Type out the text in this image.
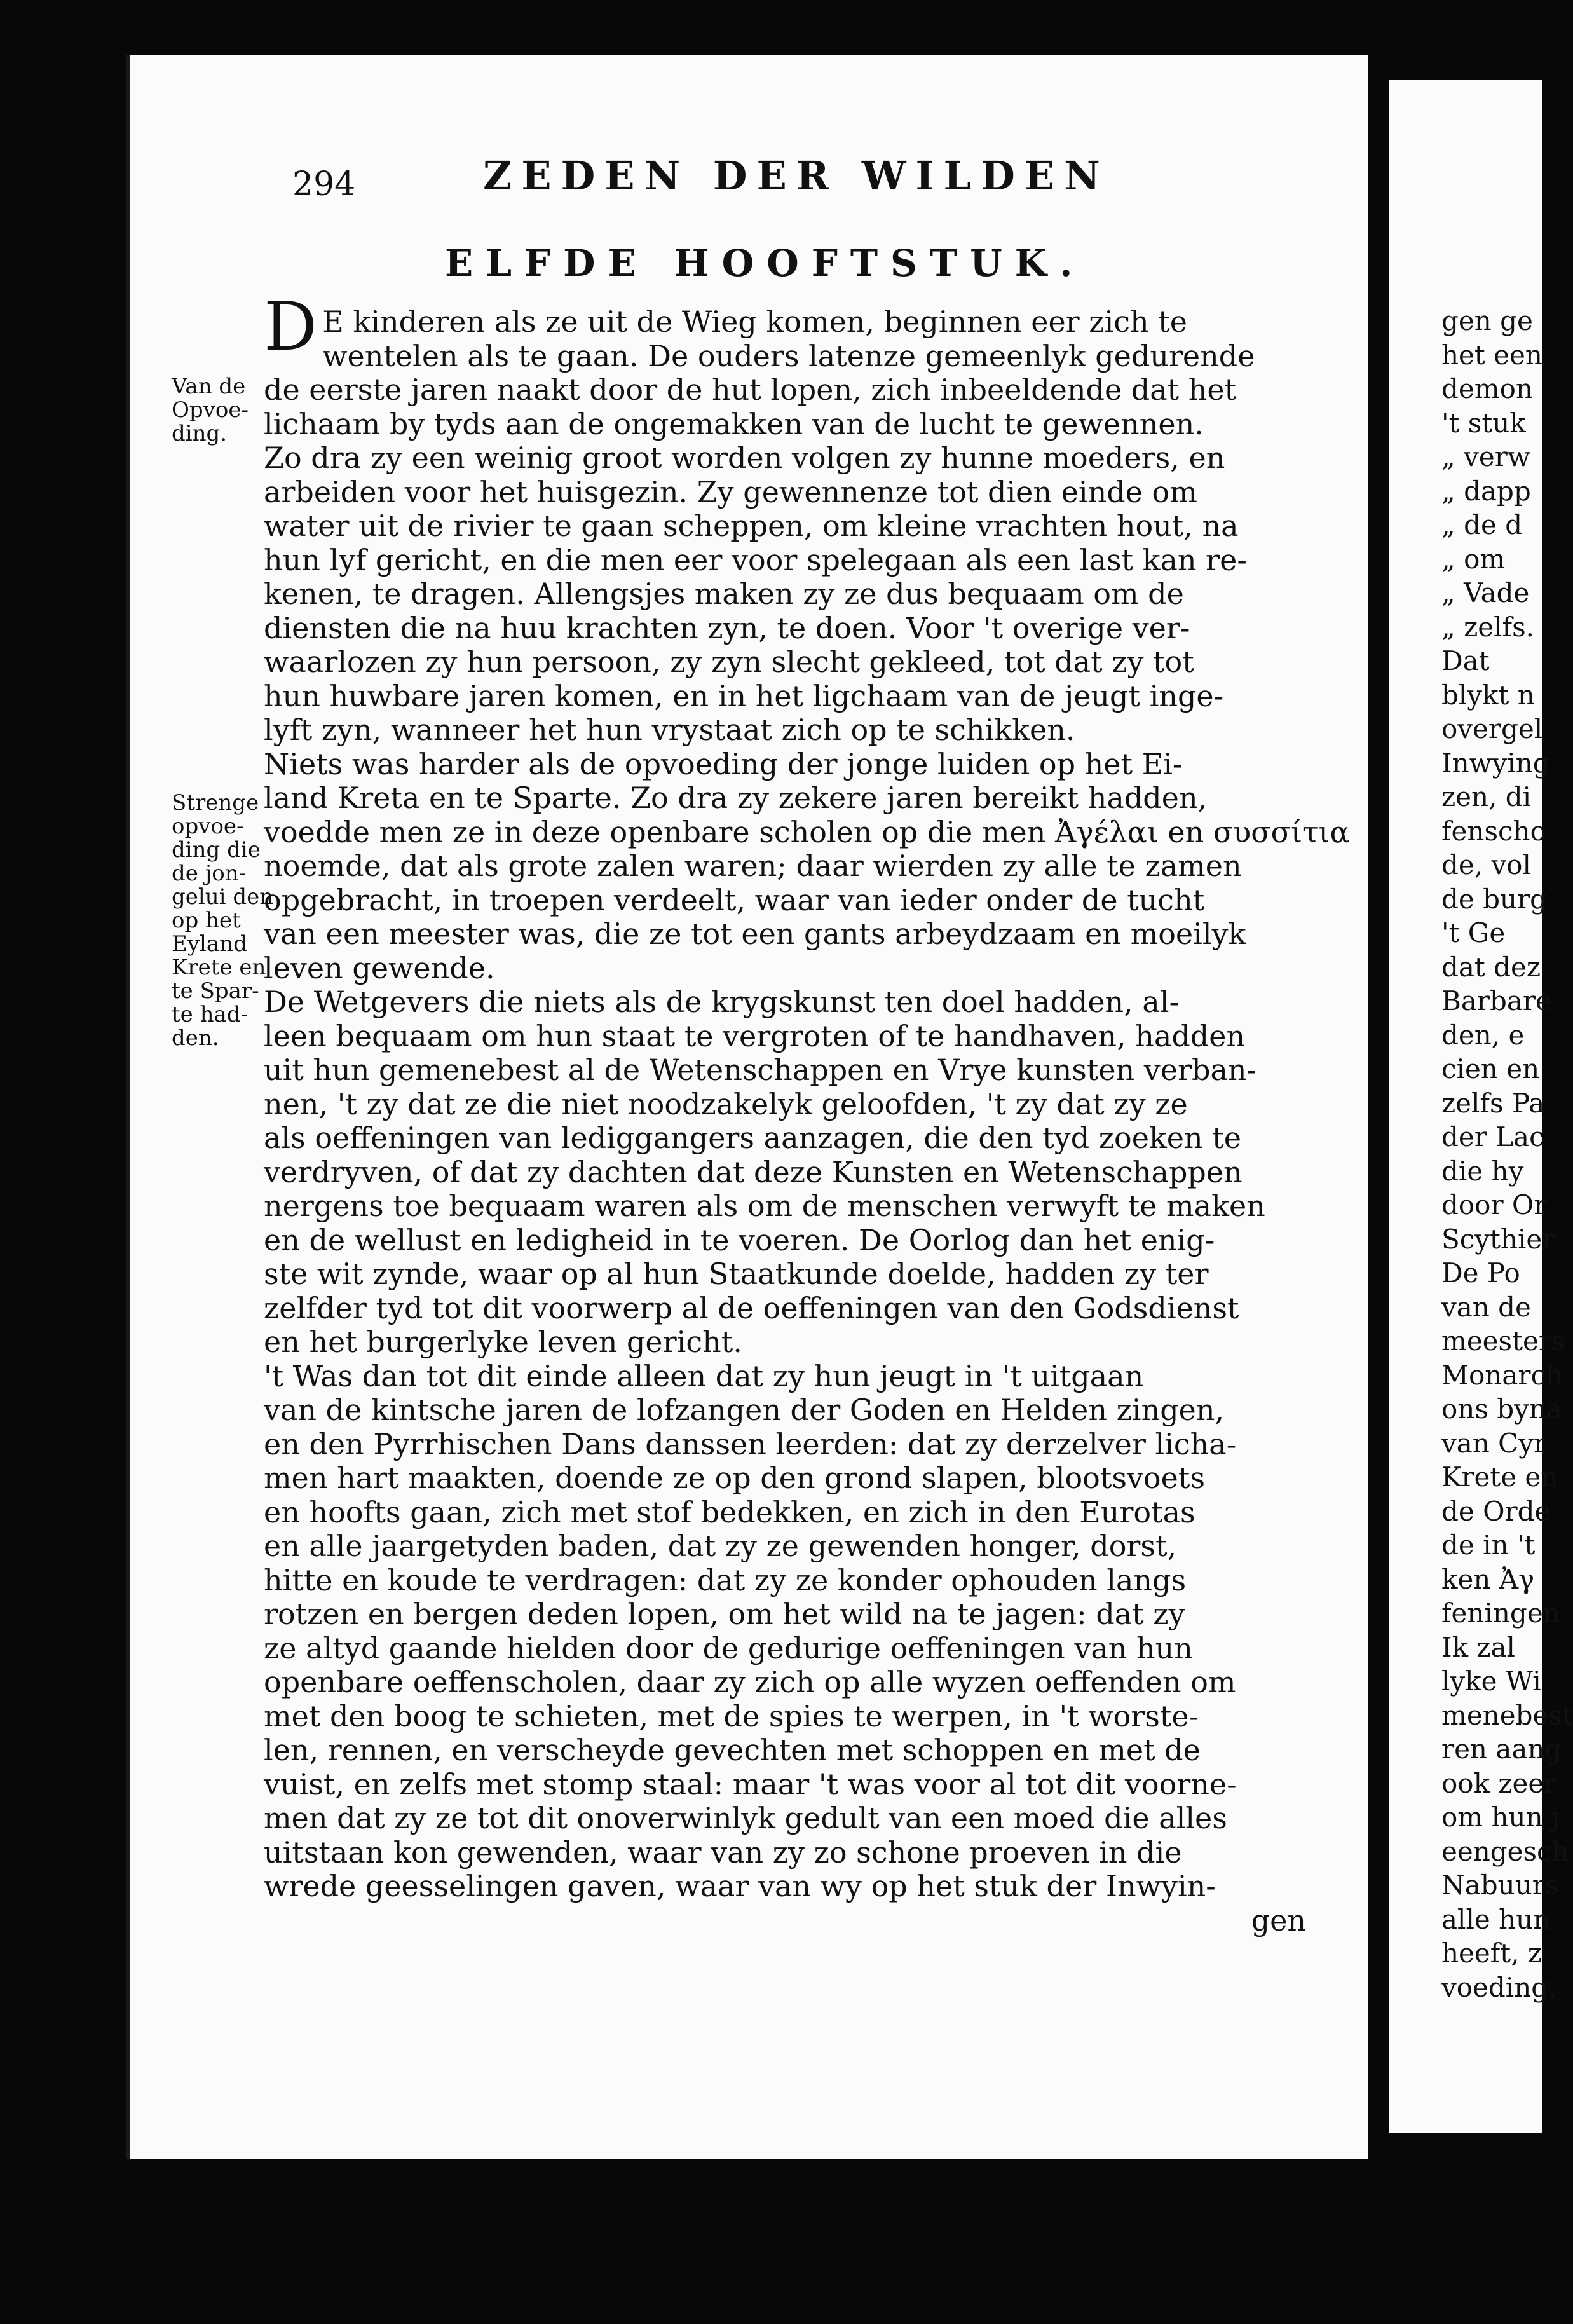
294	ZEDEN DER WILDEN
ELFDE HOOFTSTUK.
Van de
Opvoe-
ding.
Strenge
opvoe-
ding die
de jon-
gelui den
op het
Eyland
Krete en
te Spar-
te had-
den.
D E kinderen als ze uit de Wieg komen, beginnen eer zich te
wentelen als te gaan. De ouders latenze gemeenlyk gedurende
de eerste jaren naakt door de hut lopen, zich inbeeldende dat het
lichaam by tyds aan de ongemakken van de lucht te gewennen.
Zo dra zy een weinig groot worden volgen zy hunne moeders, en
arbeiden voor het huisgezin. Zy gewennenze tot dien einde om
water uit de rivier te gaan scheppen, om kleine vrachten hout, na
hun lyf gericht, en die men eer voor spelegaan als een last kan re-
kenen, te dragen. Allengsjes maken zy ze dus bequaam om de
diensten die na huu krachten zyn, te doen. Voor 't overige ver-
waarlozen zy hun persoon, zy zyn slecht gekleed, tot dat zy tot
hun huwbare jaren komen, en in het ligchaam van de jeugt inge-
lyft zyn, wanneer het hun vrystaat zich op te schikken.
Niets was harder als de opvoeding der jonge luiden op het Ei-
land Kreta en te Sparte. Zo dra zy zekere jaren bereikt hadden,
voedde men ze in deze openbare scholen op die men Ἀγέλαι en συσσίτια
noemde, dat als grote zalen waren; daar wierden zy alle te zamen
opgebracht, in troepen verdeelt, waar van ieder onder de tucht
van een meester was, die ze tot een gants arbeydzaam en moeilyk
leven gewende.
De Wetgevers die niets als de krygskunst ten doel hadden, al-
leen bequaam om hun staat te vergroten of te handhaven, hadden
uit hun gemenebest al de Wetenschappen en Vrye kunsten verban-
nen, 't zy dat ze die niet noodzakelyk geloofden, 't zy dat zy ze
als oeffeningen van lediggangers aanzagen, die den tyd zoeken te
verdryven, of dat zy dachten dat deze Kunsten en Wetenschappen
nergens toe bequaam waren als om de menschen verwyft te maken
en de wellust en ledigheid in te voeren. De Oorlog dan het enig-
ste wit zynde, waar op al hun Staatkunde doelde, hadden zy ter
zelfder tyd tot dit voorwerp al de oeffeningen van den Godsdienst
en het burgerlyke leven gericht.
't Was dan tot dit einde alleen dat zy hun jeugt in 't uitgaan
van de kintsche jaren de lofzangen der Goden en Helden zingen,
en den Pyrrhischen Dans danssen leerden: dat zy derzelver licha-
men hart maakten, doende ze op den grond slapen, blootsvoets
en hoofts gaan, zich met stof bedekken, en zich in den Eurotas
en alle jaargetyden baden, dat zy ze gewenden honger, dorst,
hitte en koude te verdragen: dat zy ze konder ophouden langs
rotzen en bergen deden lopen, om het wild na te jagen: dat zy
ze altyd gaande hielden door de gedurige oeffeningen van hun
openbare oeffenscholen, daar zy zich op alle wyzen oeffenden om
met den boog te schieten, met de spies te werpen, in 't worste-
len, rennen, en verscheyde gevechten met schoppen en met de
vuist, en zelfs met stomp staal: maar 't was voor al tot dit voorne-
men dat zy ze tot dit onoverwinlyk gedult van een moed die alles
uitstaan kon gewenden, waar van zy zo schone proeven in die
wrede geesselingen gaven, waar van wy op het stuk der Inwyin-
gen
gen ge
het een
demon
't stuk
„ verw
„ dapp
„ de d
„ om
„ Vade
„ zelfs.
Dat
blykt n
overgel
Inwying
zen, di
fenscho
de, vol
de burg
't Ge
dat dez
Barbare
den, e
cien en
zelfs Pa
der Lac
die hy
door Or
Scythier
De Po
van de
meesters
Monarch
ons byna
van Cyr
Krete en
de Orde
de in 't
ken Ἀγ
feningen
Ik zal
lyke Wi
menebest
ren aang
ook zeer
om hun j
eengesch
Nabuurs
alle hun
heeft, z
voeding.
